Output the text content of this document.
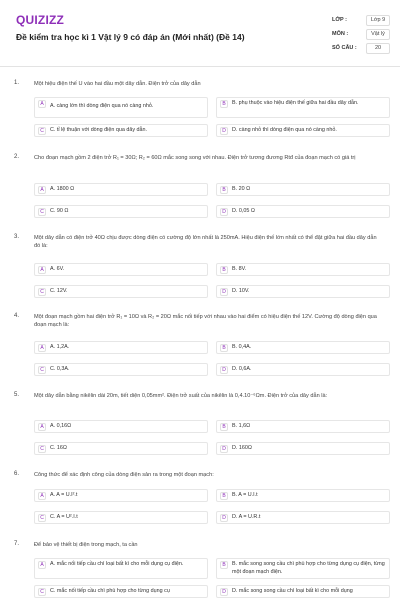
QUIZIZZ
Đề kiểm tra học kì 1 Vật lý 9 có đáp án (Mới nhất) (Đề 14)
LỚP :	Lớp 9
MÔN :	Vật lý
SỐ CÂU :	20
1.	Một hiệu điện thế U vào hai đầu một dây dẫn. Điện trở của dây dẫn
A	A. càng lớn thì dòng điện qua nó càng nhỏ.	B	B. phụ thuộc vào hiệu điện thế giữa hai đầu dây dẫn.
C	C. tỉ lệ thuận với dòng điện qua dây dẫn.	D	D. càng nhỏ thì dòng điện qua nó càng nhỏ.
2.	Cho đoạn mạch gồm 2 điện trở R₁ = 30Ω; R₂ = 60Ω mắc song song với nhau. Điện trở tương đương Rtđ của đoạn mạch có giá trị
A	A. 1800 Ω	B	B. 20 Ω
C	C. 90 Ω	D	D. 0,05 Ω
3.	Một dây dẫn có điện trở 40Ω chịu được dòng điện có cường độ lớn nhất là 250mA. Hiệu điện thế lớn nhất có thể đặt giữa hai đầu dây dẫn đó là:
A	A. 6V.	B	B. 8V.
C	C. 12V.	D	D. 10V.
4.	Một đoạn mạch gồm hai điện trở R₁ = 10Ω và R₂ = 20Ω mắc nối tiếp với nhau vào hai điểm có hiệu điện thế 12V. Cường độ dòng điện qua đoạn mạch là:
A	A. 1,2A.	B	B. 0,4A.
C	C. 0,3A.	D	D. 0,6A.
5.	Một dây dẫn bằng nikêlin dài 20m, tiết diện 0,05mm². Điện trở suất của nikêlin là 0,4.10⁻⁶Ωm. Điện trở của dây dẫn là:
A	A. 0,16Ω	B	B. 1,6Ω
C	C. 16Ω	D	D. 160Ω
6.	Công thức để xác định công của dòng điện sản ra trong một đoạn mạch:
A	A. A = U.I².t	B	B. A = U.I.t
C	C. A = U².I.t	D	D. A = U.R.t
7.	Để bảo vệ thiết bị điện trong mạch, ta cần
A	A. mắc nối tiếp cầu chì loại bất kì cho mỗi dụng cụ điện.	B	B. mắc song song cầu chì phù hợp cho từng dụng cụ điện, từng một đoạn mạch điện.
C	C. mắc nối tiếp cầu chì phù hợp cho từng dụng cụ	D	D. mắc song song cầu chì loại bất kì cho mỗi dụng
